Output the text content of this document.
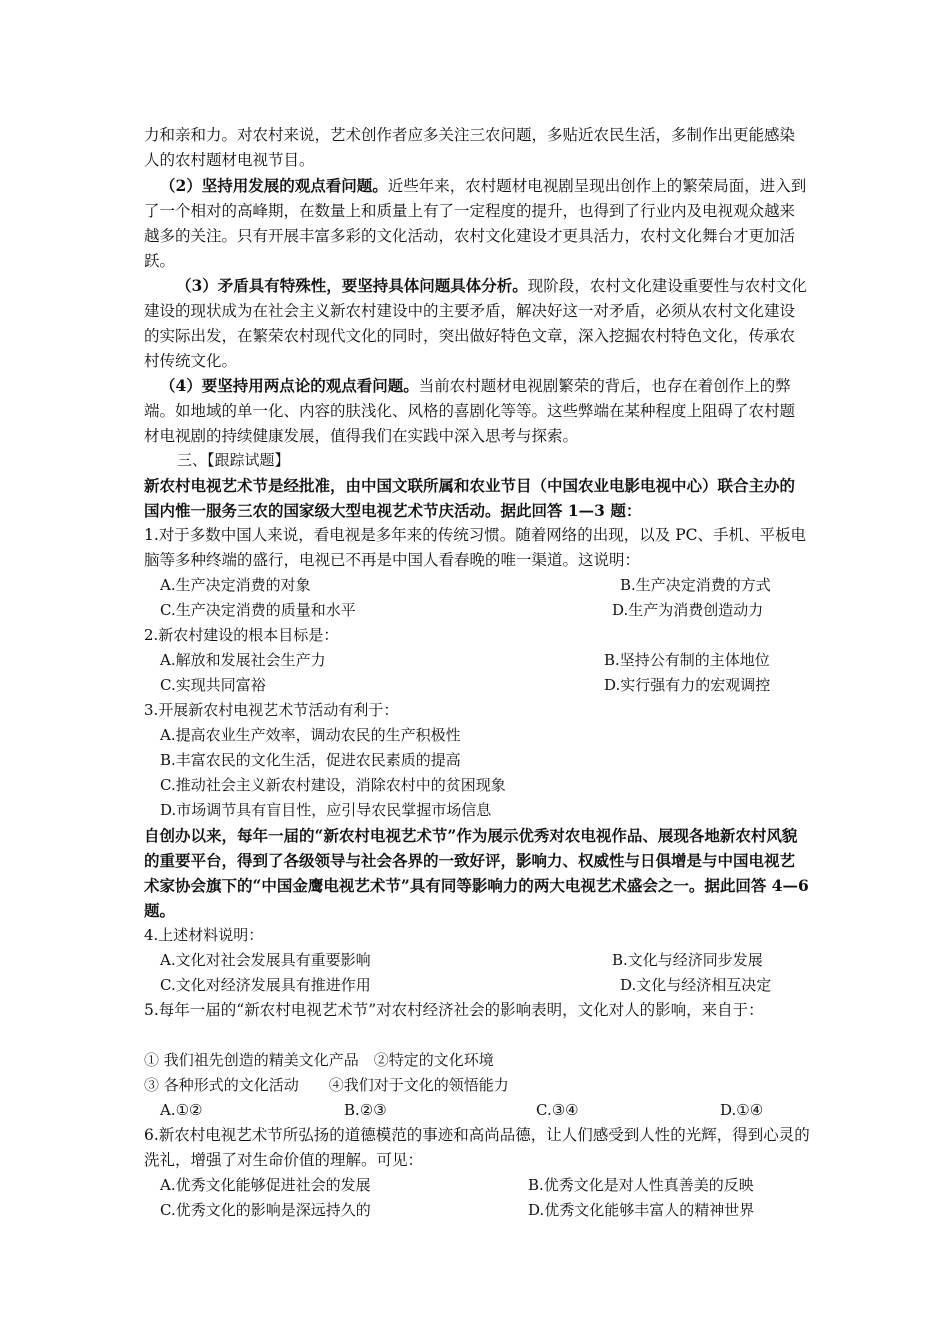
力和亲和力。对农村来说，艺术创作者应多关注三农问题，多贴近农民生活，多制作出更能感染人的农村题材电视节目。

（2）坚持用发展的观点看问题。近些年来，农村题材电视剧呈现出创作上的繁荣局面，进入到了一个相对的高峰期，在数量上和质量上有了一定程度的提升，也得到了行业内及电视观众越来越多的关注。只有开展丰富多彩的文化活动，农村文化建设才更具活力，农村文化舞台才更加活跃。

（3）矛盾具有特殊性，要坚持具体问题具体分析。现阶段，农村文化建设重要性与农村文化建设的现状成为在社会主义新农村建设中的主要矛盾，解决好这一对矛盾，必须从农村文化建设的实际出发，在繁荣农村现代文化的同时，突出做好特色文章，深入挖掘农村特色文化，传承农村传统文化。

（4）要坚持用两点论的观点看问题。当前农村题材电视剧繁荣的背后，也存在着创作上的弊端。如地域的单一化、内容的肤浅化、风格的喜剧化等等。这些弊端在某种程度上阻碍了农村题材电视剧的持续健康发展，值得我们在实践中深入思考与探索。

三、【跟踪试题】

新农村电视艺术节是经批准，由中国文联所属和农业节目（中国农业电影电视中心）联合主办的国内惟一服务三农的国家级大型电视艺术节庆活动。据此回答 1—3 题：

1.对于多数中国人来说，看电视是多年来的传统习惯。随着网络的出现，以及 PC、手机、平板电脑等多种终端的盛行，电视已不再是中国人看春晚的唯一渠道。这说明：

A.生产决定消费的对象	B.生产决定消费的方式

C.生产决定消费的质量和水平	D.生产为消费创造动力

2.新农村建设的根本目标是：

A.解放和发展社会生产力	B.坚持公有制的主体地位

C.实现共同富裕	D.实行强有力的宏观调控

3.开展新农村电视艺术节活动有利于：

A.提高农业生产效率，调动农民的生产积极性

B.丰富农民的文化生活，促进农民素质的提高

C.推动社会主义新农村建设，消除农村中的贫困现象

D.市场调节具有盲目性，应引导农民掌握市场信息

自创办以来，每年一届的“新农村电视艺术节”作为展示优秀对农电视作品、展现各地新农村风貌的重要平台，得到了各级领导与社会各界的一致好评，影响力、权威性与日俱增是与中国电视艺术家协会旗下的“中国金鹰电视艺术节”具有同等影响力的两大电视艺术盛会之一。据此回答 4—6 题。

4.上述材料说明：

A.文化对社会发展具有重要影响	B.文化与经济同步发展

C.文化对经济发展具有推进作用	D.文化与经济相互决定

5.每年一届的“新农村电视艺术节”对农村经济社会的影响表明，文化对人的影响，来自于：

① 我们祖先创造的精美文化产品　②特定的文化环境

③ 各种形式的文化活动　　④我们对于文化的领悟能力

A.①②	B.②③	C.③④	D.①④

6.新农村电视艺术节所弘扬的道德模范的事迹和高尚品德，让人们感受到人性的光辉，得到心灵的洗礼，增强了对生命价值的理解。可见：

A.优秀文化能够促进社会的发展	B.优秀文化是对人性真善美的反映

C.优秀文化的影响是深远持久的	D.优秀文化能够丰富人的精神世界
